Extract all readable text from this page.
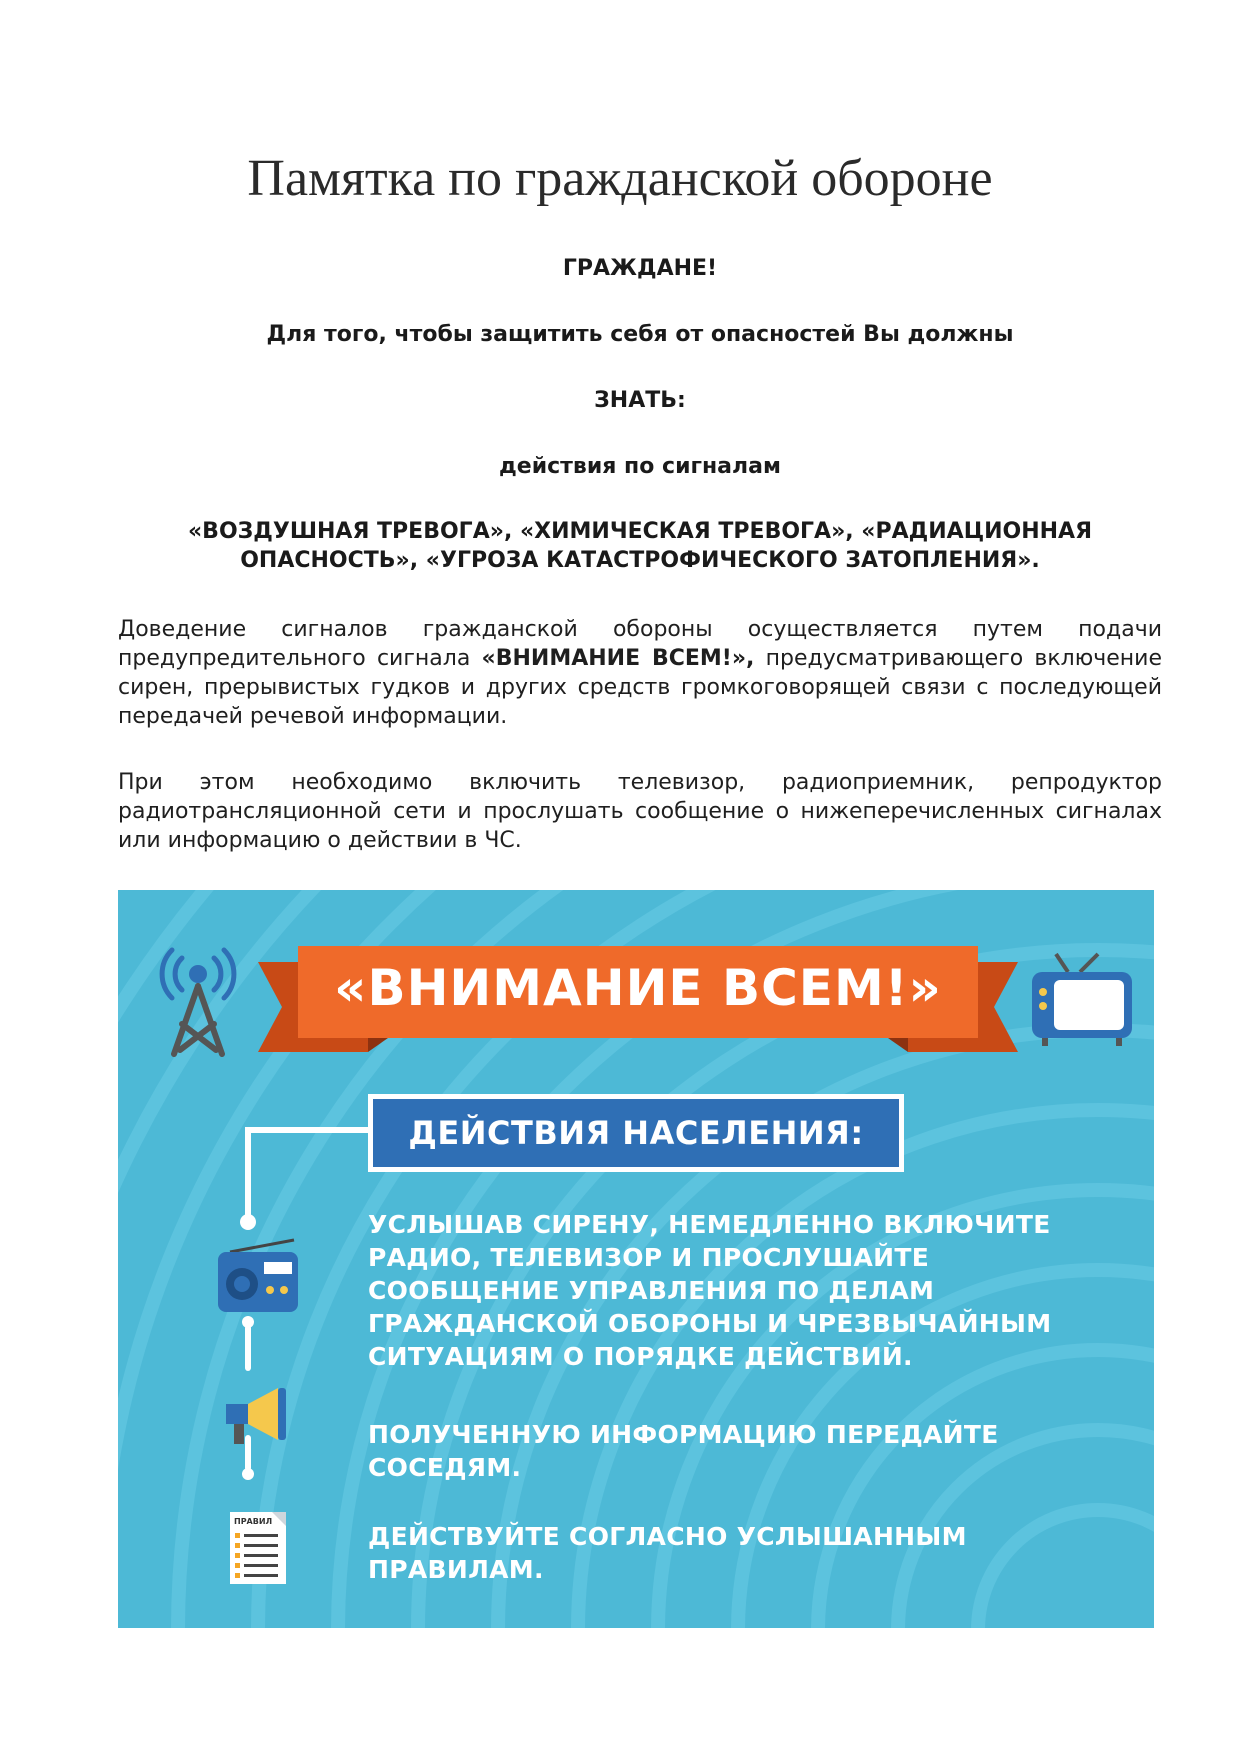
Памятка по гражданской обороне

ГРАЖДАНЕ!

Для того, чтобы защитить себя от опасностей Вы должны

ЗНАТЬ:

действия по сигналам

«ВОЗДУШНАЯ ТРЕВОГА», «ХИМИЧЕСКАЯ ТРЕВОГА», «РАДИАЦИОННАЯ ОПАСНОСТЬ», «УГРОЗА КАТАСТРОФИЧЕСКОГО ЗАТОПЛЕНИЯ».

Доведение сигналов гражданской обороны осуществляется путем подачи предупредительного сигнала «ВНИМАНИЕ ВСЕМ!», предусматривающего включение сирен, прерывистых гудков и других средств громкоговорящей связи с последующей передачей речевой информации.

При этом необходимо включить телевизор, радиоприемник, репродуктор радиотрансляционной сети и прослушать сообщение о нижеперечисленных сигналах или информацию о действии в ЧС.

«ВНИМАНИЕ ВСЕМ!»
ДЕЙСТВИЯ НАСЕЛЕНИЯ:
ПРАВИЛ

УСЛЫШАВ СИРЕНУ, НЕМЕДЛЕННО ВКЛЮЧИТЕ РАДИО, ТЕЛЕВИЗОР И ПРОСЛУШАЙТЕ СООБЩЕНИЕ УПРАВЛЕНИЯ ПО ДЕЛАМ ГРАЖДАНСКОЙ ОБОРОНЫ И ЧРЕЗВЫЧАЙНЫМ СИТУАЦИЯМ О ПОРЯДКЕ ДЕЙСТВИЙ.

ПОЛУЧЕННУЮ ИНФОРМАЦИЮ ПЕРЕДАЙТЕ СОСЕДЯМ.

ДЕЙСТВУЙТЕ СОГЛАСНО УСЛЫШАННЫМ ПРАВИЛАМ.
